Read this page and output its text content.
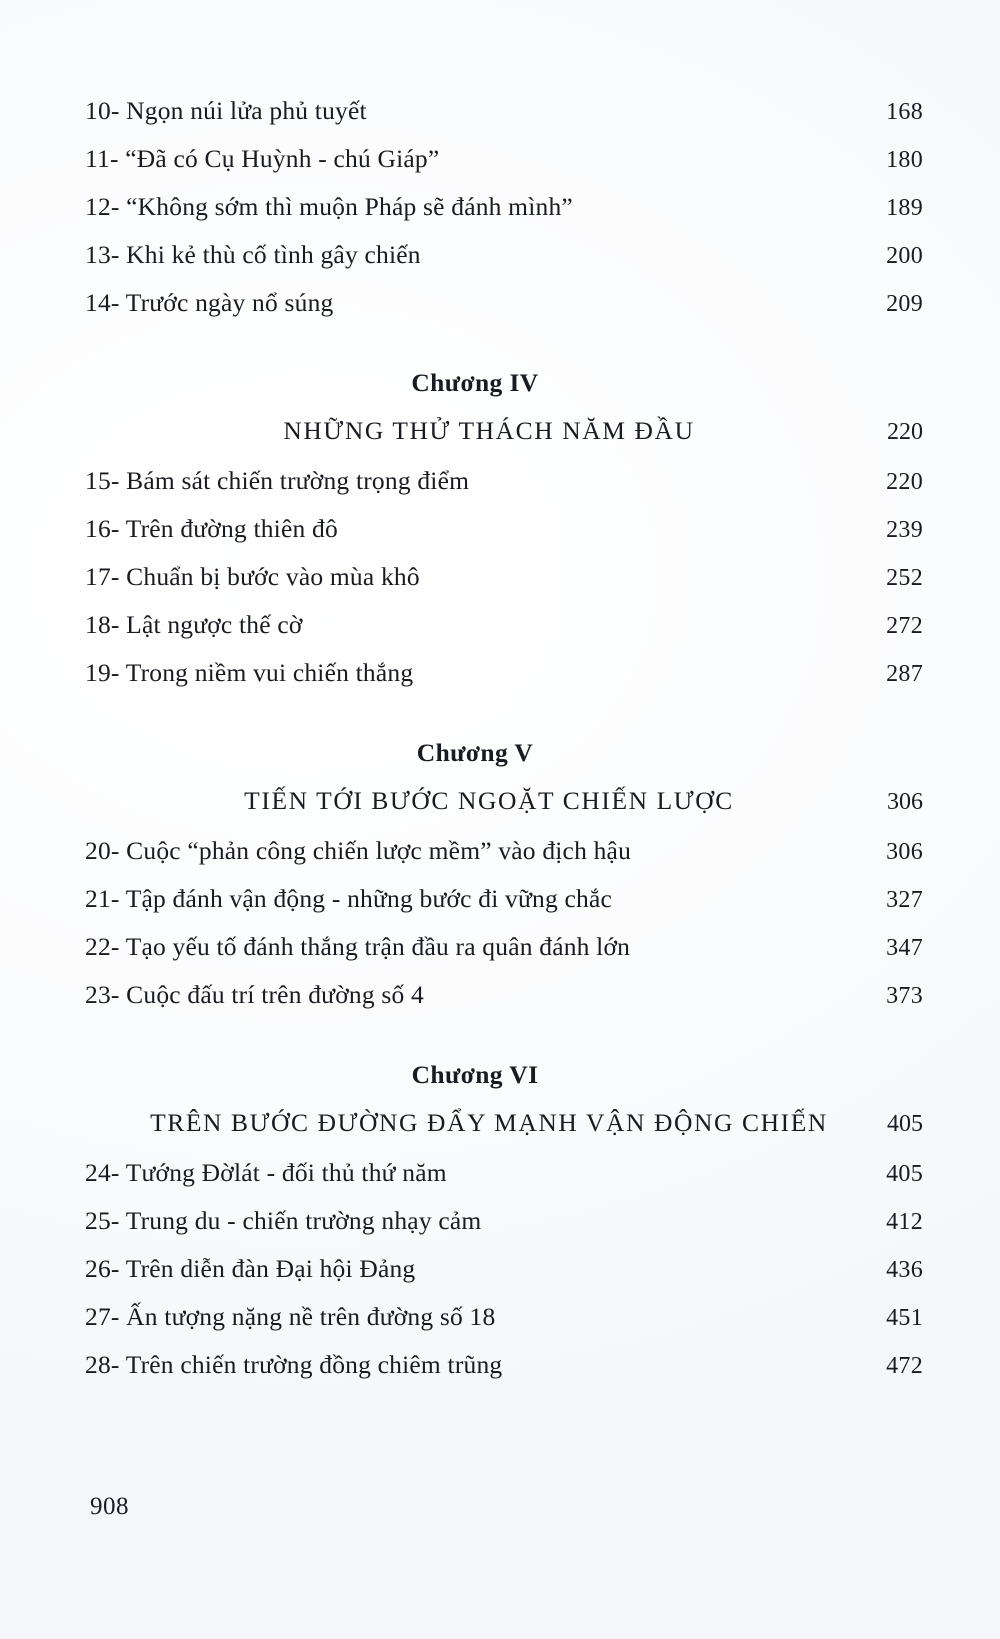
10- Ngọn núi lửa phủ tuyết	168
11- “Đã có Cụ Huỳnh - chú Giáp”	180
12- “Không sớm thì muộn Pháp sẽ đánh mình”	189
13- Khi kẻ thù cố tình gây chiến	200
14- Trước ngày nổ súng	209
Chương IV
NHỮNG THỬ THÁCH NĂM ĐẦU	220
15- Bám sát chiến trường trọng điểm	220
16- Trên đường thiên đô	239
17- Chuẩn bị bước vào mùa khô	252
18- Lật ngược thế cờ	272
19- Trong niềm vui chiến thắng	287
Chương V
TIẾN TỚI BƯỚC NGOẶT CHIẾN LƯỢC	306
20- Cuộc “phản công chiến lược mềm” vào địch hậu	306
21- Tập đánh vận động - những bước đi vững chắc	327
22- Tạo yếu tố đánh thắng trận đầu ra quân đánh lớn	347
23- Cuộc đấu trí trên đường số 4	373
Chương VI
TRÊN BƯỚC ĐƯỜNG ĐẨY MẠNH VẬN ĐỘNG CHIẾN	405
24- Tướng Đờlát - đối thủ thứ năm	405
25- Trung du - chiến trường nhạy cảm	412
26- Trên diễn đàn Đại hội Đảng	436
27- Ấn tượng nặng nề trên đường số 18	451
28- Trên chiến trường đồng chiêm trũng	472
908
